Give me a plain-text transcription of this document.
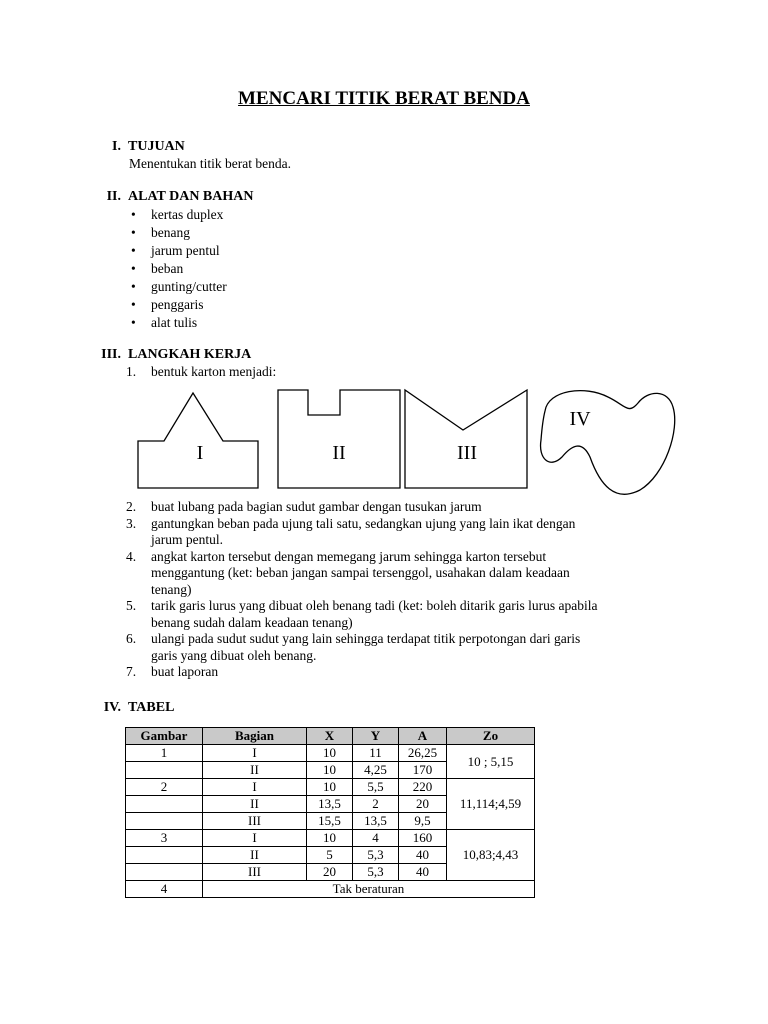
MENCARI TITIK BERAT BENDA
I. TUJUAN
Menentukan titik berat benda.
II. ALAT DAN BAHAN
• kertas duplex
• benang
• jarum pentul
• beban
• gunting/cutter
• penggaris
• alat tulis
III. LANGKAH KERJA
1. bentuk karton menjadi:
I	II	III
IV
2. buat lubang pada bagian sudut gambar dengan tusukan jarum
3. gantungkan beban pada ujung tali satu, sedangkan ujung yang lain ikat dengan
jarum pentul.
4. angkat karton tersebut dengan memegang jarum sehingga karton tersebut
menggantung (ket: beban jangan sampai tersenggol, usahakan dalam keadaan
tenang)
5. tarik garis lurus yang dibuat oleh benang tadi (ket: boleh ditarik garis lurus apabila
benang sudah dalam keadaan tenang)
6. ulangi pada sudut sudut yang lain sehingga terdapat titik perpotongan dari garis
garis yang dibuat oleh benang.
7. buat laporan
IV. TABEL
Gambar	Bagian	X	Y	A	Zo
1	I	10	11	26,25	10 ; 5,15
	II	10	4,25	170	
2	I	10	5,5	220	11,114;4,59
	II	13,5	2	20	
	III	15,5	13,5	9,5	
3	I	10	4	160	10,83;4,43
	II	5	5,3	40	
	III	20	5,3	40	
4	Tak beraturan				
